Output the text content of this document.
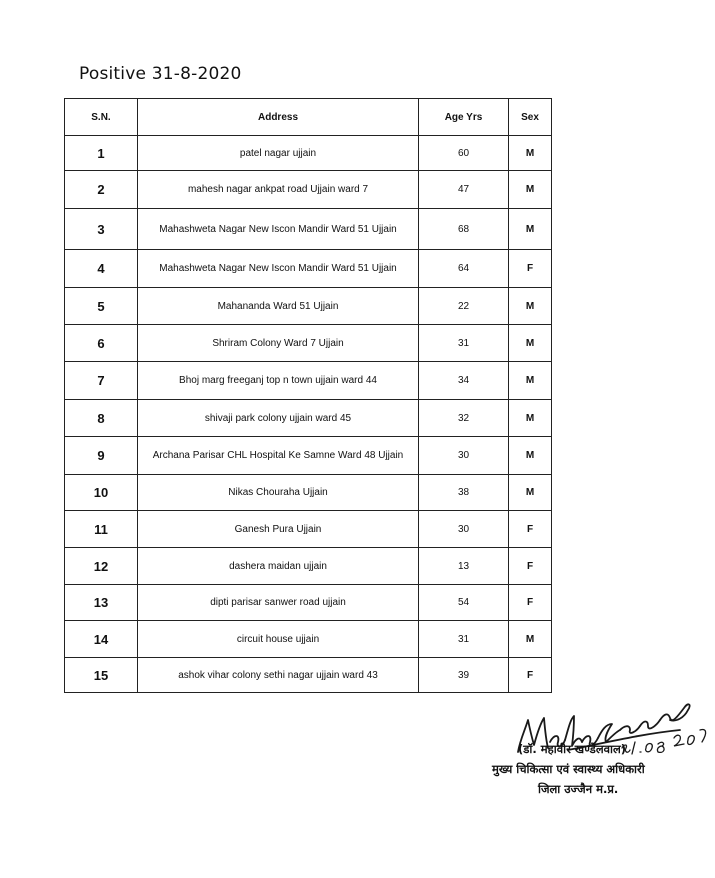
Positive 31-8-2020
S.N.	Address	Age Yrs	Sex
1	patel nagar ujjain	60	M
2	mahesh nagar ankpat road Ujjain ward 7	47	M
3	Mahashweta Nagar New Iscon Mandir Ward 51 Ujjain	68	M
4	Mahashweta Nagar New Iscon Mandir Ward 51 Ujjain	64	F
5	Mahananda Ward 51 Ujjain	22	M
6	Shriram Colony Ward 7 Ujjain	31	M
7	Bhoj marg freeganj top n town ujjain ward 44	34	M
8	shivaji park colony ujjain ward 45	32	M
9	Archana Parisar CHL Hospital Ke Samne Ward 48 Ujjain	30	M
10	Nikas Chouraha Ujjain	38	M
11	Ganesh Pura Ujjain	30	F
12	dashera maidan ujjain	13	F
13	dipti parisar sanwer road ujjain	54	F
14	circuit house ujjain	31	M
15	ashok vihar colony sethi nagar ujjain ward 43	39	F
(डॉ. महावीर खण्डेलवाल)
मुख्य चिकित्सा एवं स्वास्थ्य अधिकारी
जिला उज्जैन म.प्र.
